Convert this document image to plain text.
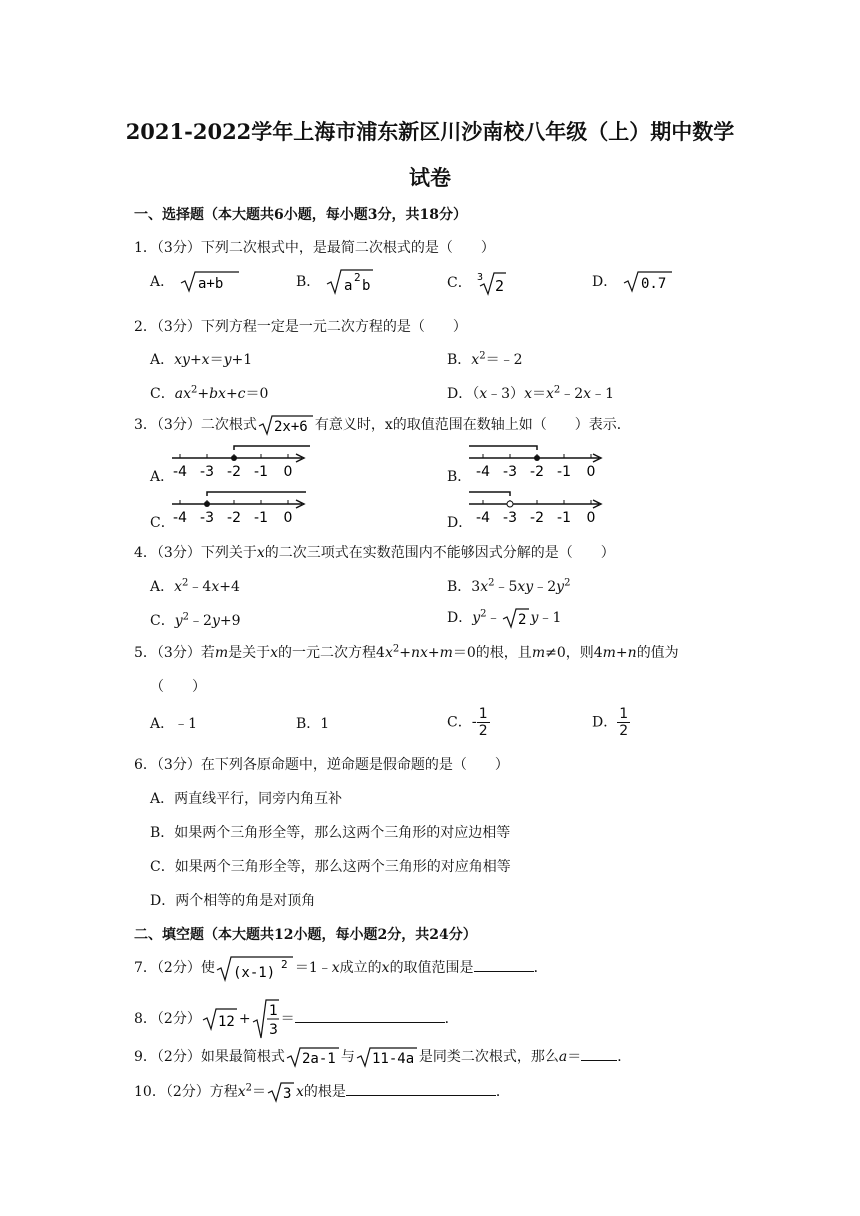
2021-2022学年上海市浦东新区川沙南校八年级（上）期中数学
试卷
一、选择题（本大题共6小题，每小题3分，共18分）
1．（3分）下列二次根式中，是最简二次根式的是（　　）
A． a+b	B． a
2
b	C． 3 2	D． 0.7
2．（3分）下列方程一定是一元二次方程的是（　　）
A．xy+x＝y+1	B．$x^2=﹣2$
C．$ax^2+bx+c=0$	D．$(x﹣3)x=x^2﹣2x﹣1$
3．（3分）二次根式 2x+6 有意义时，x的取值范围在数轴上如（　　）表示．
A．
-4 -3 -2 -1 0	B． -4 -3 -2 -1 0
C．
-4 -3 -2 -1 0	D． -4 -3 -2 -1 0
4．（3分）下列关于x的二次三项式在实数范围内不能够因式分解的是（　　）
A．$x^2﹣4x+4$	B．$3x^2﹣5xy﹣2y^2$
C．$y^2﹣2y+9$	D．$y^2﹣$ 2 y﹣1
5．（3分）若m是关于x的一元二次方程$4x^2+nx+m=0$的根，且m≠0，则4m+n的值为
（　　）
A．﹣1	B．1	C．- $\frac{1}{2}$	D． $\frac{1}{2}$
6．（3分）在下列各原命题中，逆命题是假命题的是（　　）
A．两直线平行，同旁内角互补
B．如果两个三角形全等，那么这两个三角形的对应边相等
C．如果两个三角形全等，那么这两个三角形的对应角相等
D．两个相等的角是对顶角
二、填空题（本大题共12小题，每小题2分，共24分）
7．（2分）使 (x-1)
2 ＝1﹣x成立的x的取值范围是	．
8．（2分） 12 + 1
3
＝	．
9．（2分）如果最简根式 2a-1 与 11-4a 是同类二次根式，那么a＝	．
10．（2分）方程$x^2= 3$ x的根是	．
